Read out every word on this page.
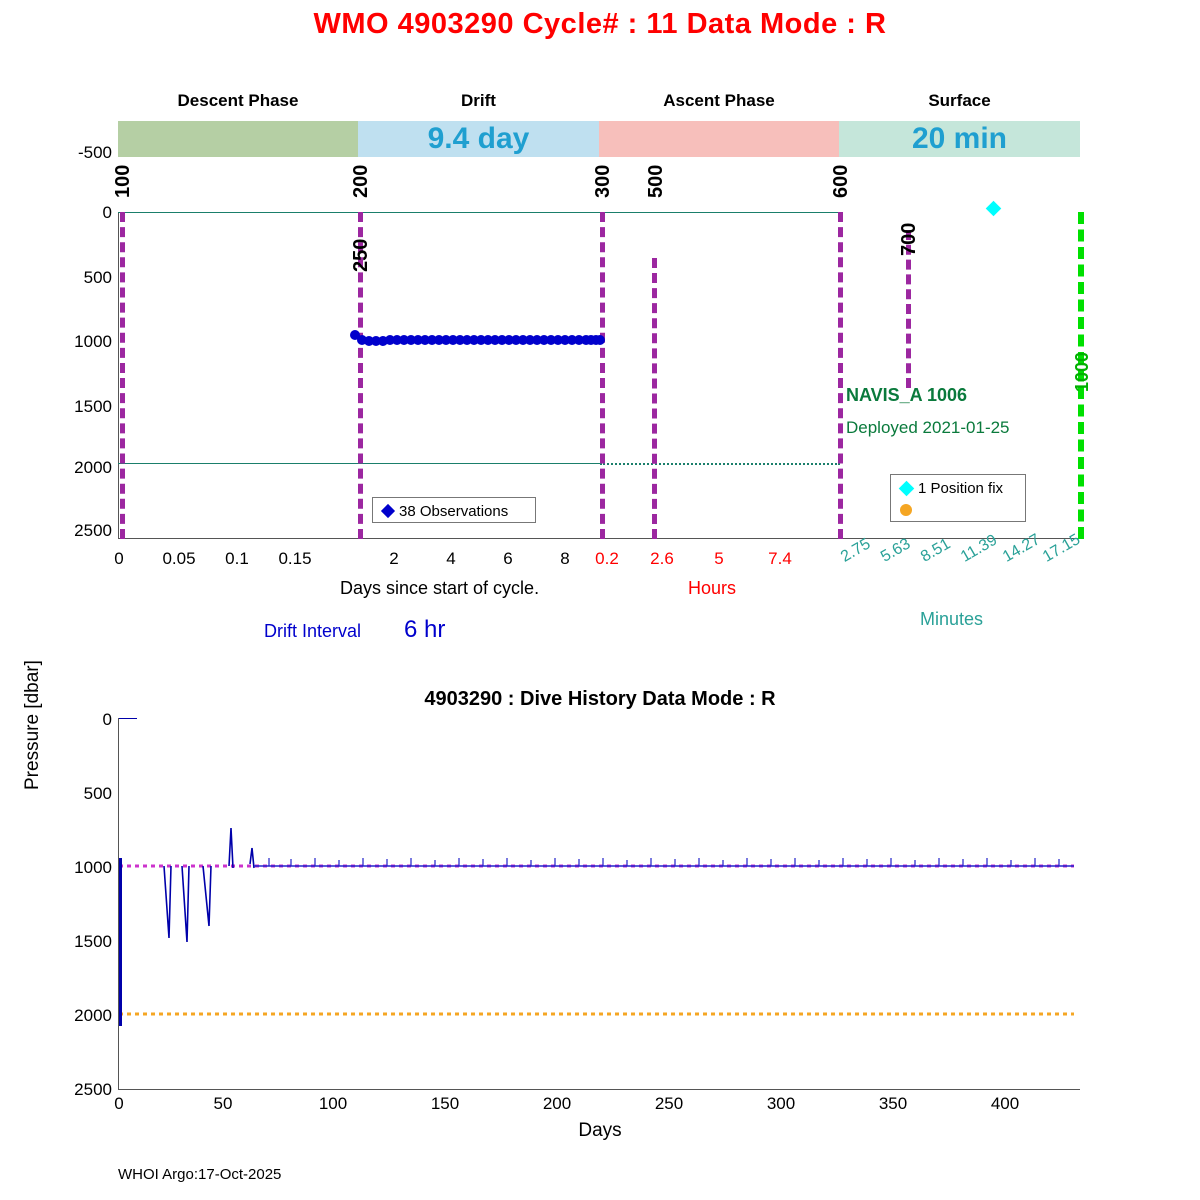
WMO 4903290 Cycle# : 11 Data Mode : R
Descent Phase	Drift	Ascent Phase	Surface
9.4 day	20 min
-500
0
500
1000
1500
2000
2500
100	200
250
300 500	600
700
1000
NAVIS_A 1006
Deployed 2021-01-25
38 Observations
1 Position fix
0	0.05	0.1	0.15	2	4	6	8	0.2	2.6	5	7.4	2.75 5.63 8.51 11.39 14.27
17.15
Days since start of cycle.	Hours
Minutes
Drift Interval 6 hr
4903290 : Dive History Data Mode : R
0
500
1000
1500
2000
2500
0	50	100	150	200	250	300	350	400
Pressure [dbar]
Days
WHOI Argo:17-Oct-2025
